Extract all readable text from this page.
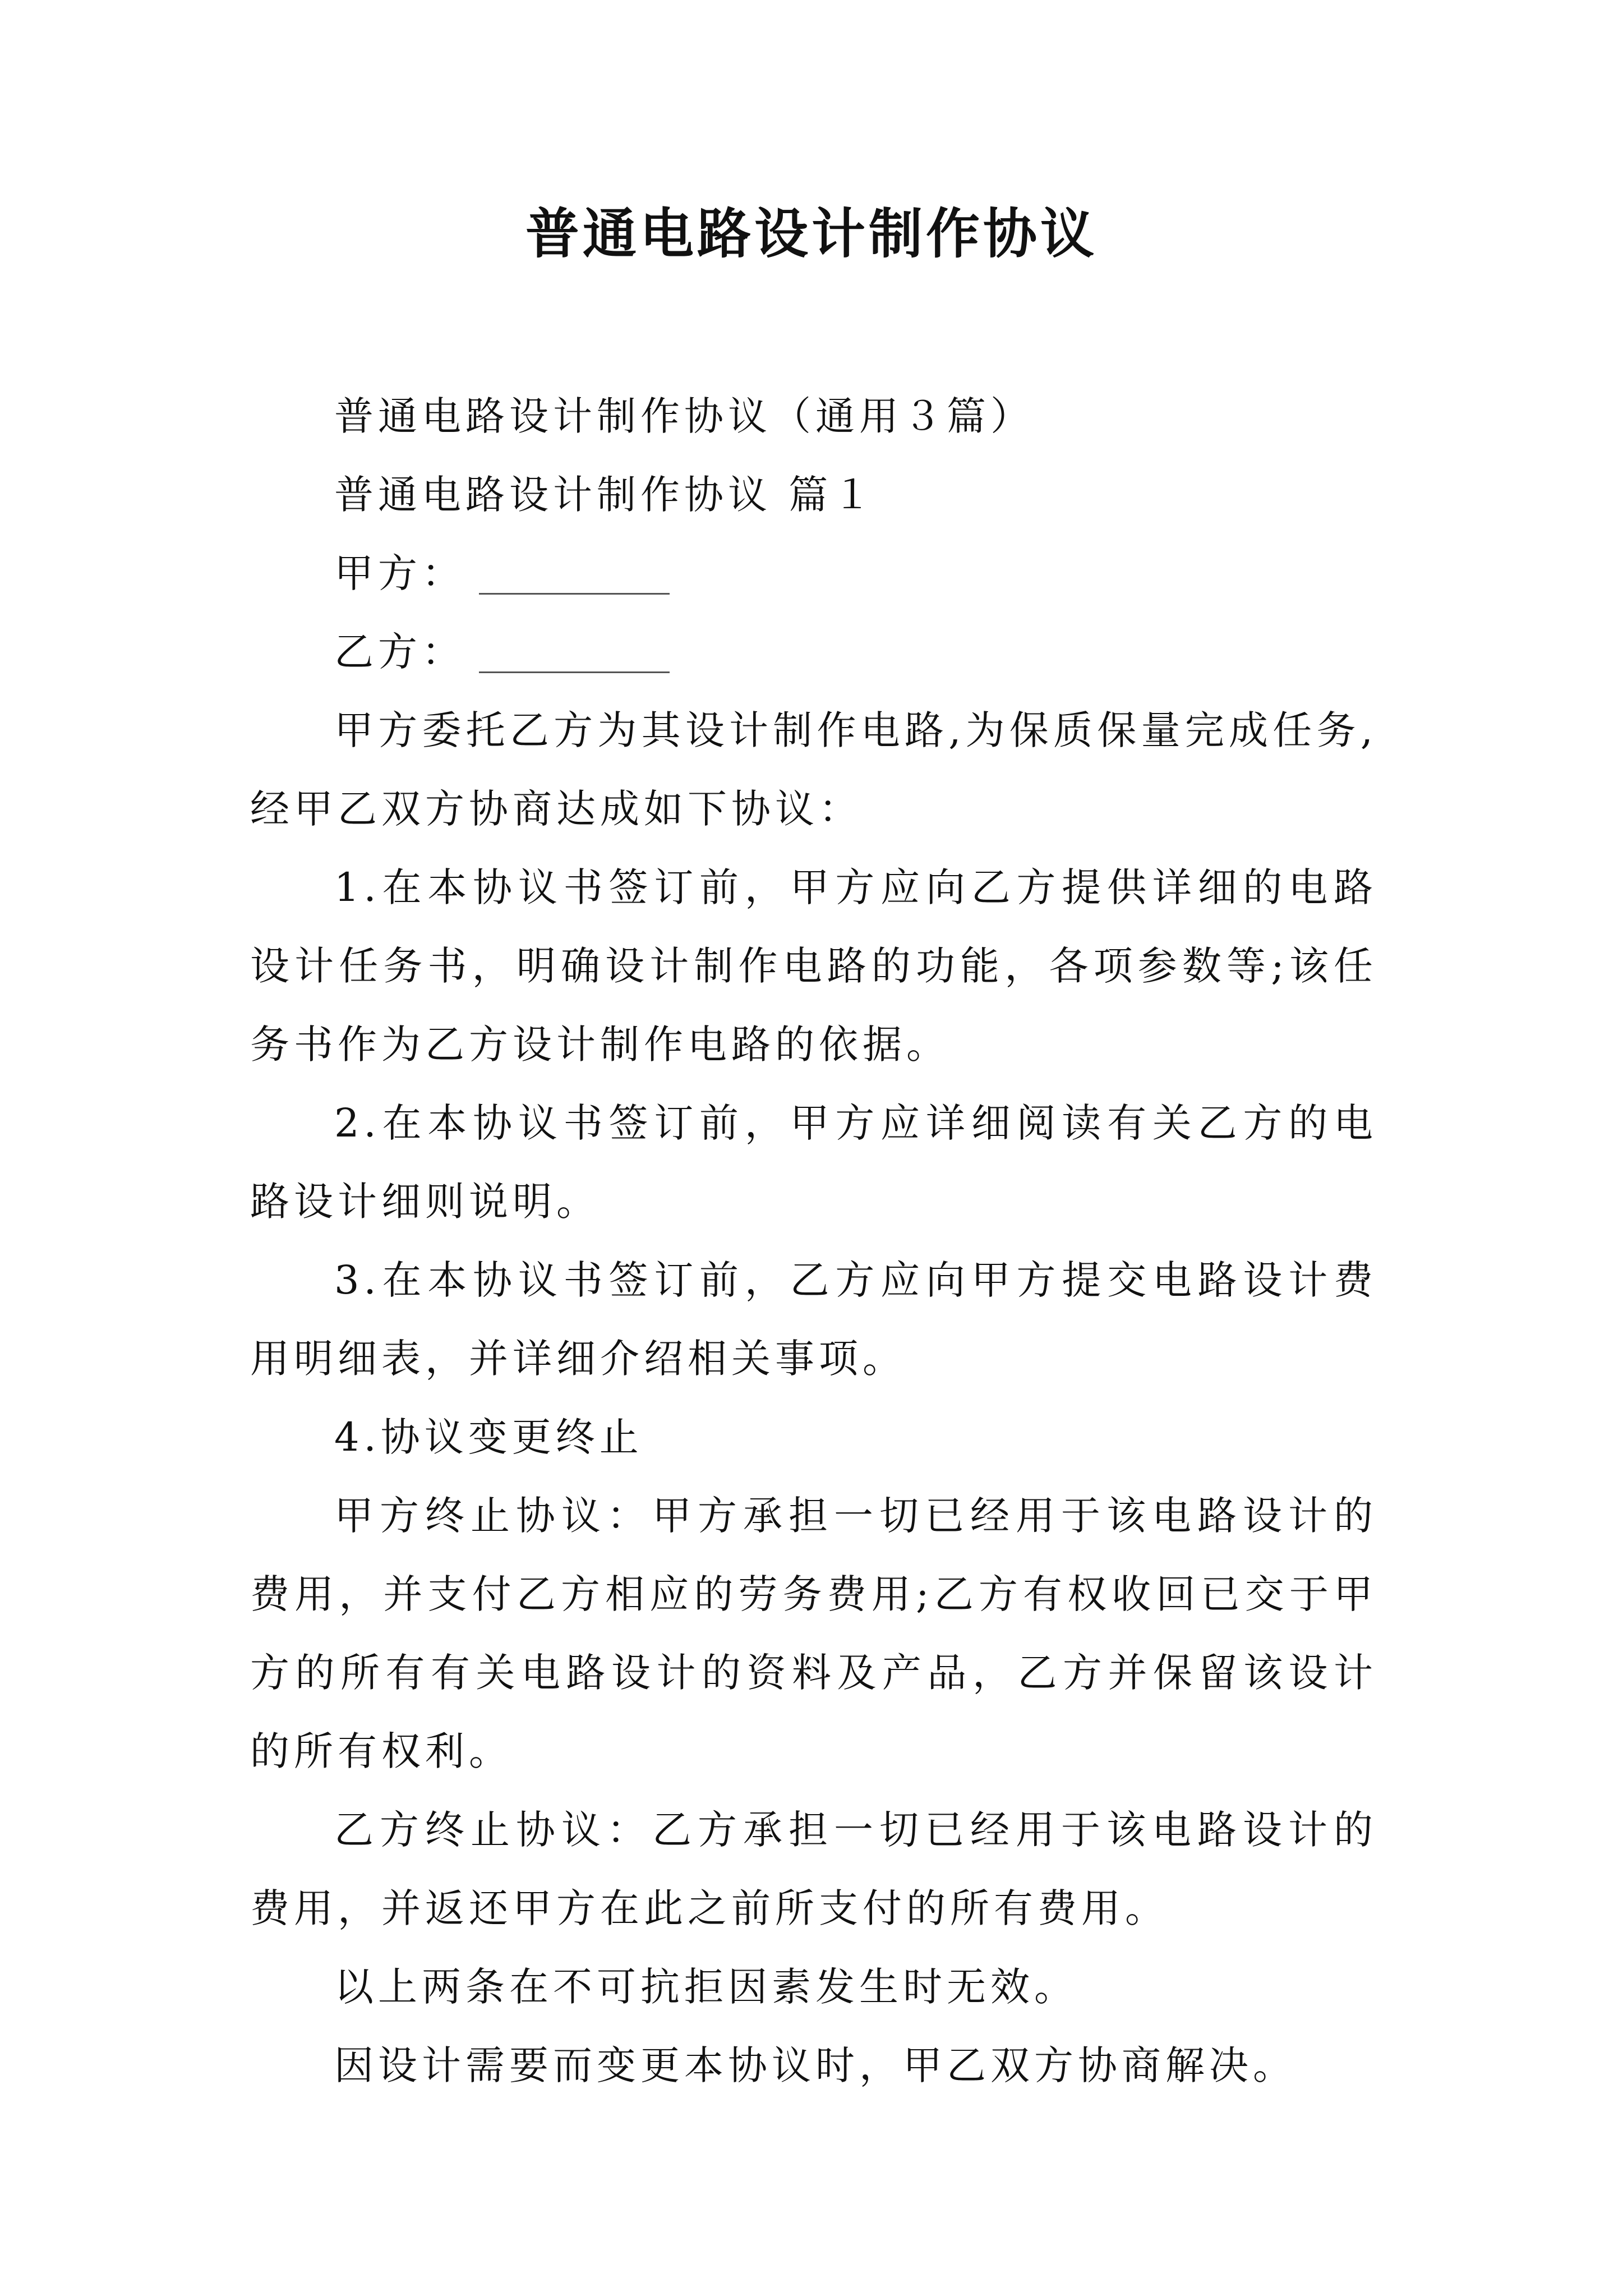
普通电路设计制作协议

普通电路设计制作协议（通用３篇）

普通电路设计制作协议 篇１

甲方：

乙方：

甲方委托乙方为其设计制作电路,为保质保量完成任务,经甲乙双方协商达成如下协议：

1.在本协议书签订前，甲方应向乙方提供详细的电路设计任务书，明确设计制作电路的功能，各项参数等;该任务书作为乙方设计制作电路的依据。

2.在本协议书签订前，甲方应详细阅读有关乙方的电路设计细则说明。

3.在本协议书签订前，乙方应向甲方提交电路设计费用明细表，并详细介绍相关事项。

4.协议变更终止

甲方终止协议：甲方承担一切已经用于该电路设计的费用，并支付乙方相应的劳务费用;乙方有权收回已交于甲方的所有有关电路设计的资料及产品，乙方并保留该设计的所有权利。

乙方终止协议：乙方承担一切已经用于该电路设计的费用，并返还甲方在此之前所支付的所有费用。

以上两条在不可抗拒因素发生时无效。

因设计需要而变更本协议时，甲乙双方协商解决。
